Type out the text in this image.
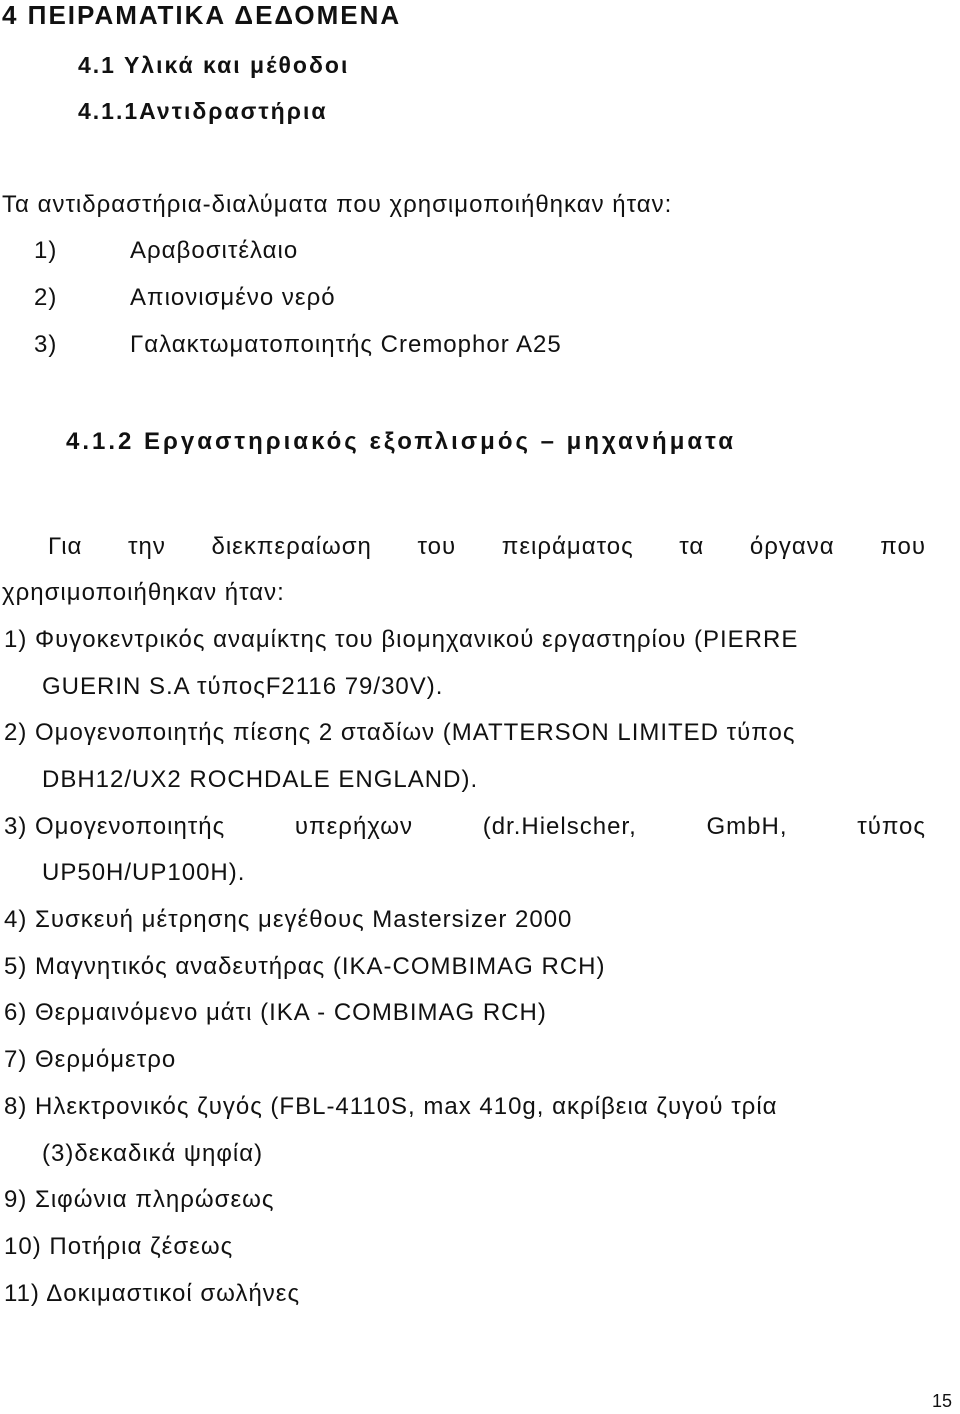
4 ΠΕΙΡΑΜΑΤΙΚΑ ΔΕΔΟΜΕΝΑ
4.1 Υλικά και μέθοδοι
4.1.1Αντιδραστήρια
Τα αντιδραστήρια-διαλύματα που χρησιμοποιήθηκαν ήταν:
1)	Αραβοσιτέλαιο
2)	Απιονισμένο νερό
3)	Γαλακτωματοποιητής Cremophor A25
4.1.2 Εργαστηριακός εξοπλισμός – μηχανήματα
Για την διεκπεραίωση του πειράματος τα όργανα που
χρησιμοποιήθηκαν ήταν:
1) Φυγοκεντρικός αναμίκτης του βιομηχανικού εργαστηρίου (PIERRE
GUERIN S.A τύποςF2116 79/30V).
2) Ομογενοποιητής πίεσης 2 σταδίων (MATTERSON LIMITED τύπος
DBH12/UX2 ROCHDALE ENGLAND).
3) Ομογενοποιητής	υπερήχων	(dr.Hielscher,	GmbH,	τύπος
UP50H/UP100H).
4) Συσκευή μέτρησης μεγέθους Mastersizer 2000
5) Μαγνητικός αναδευτήρας (IKA-COMBIMAG RCH)
6) Θερμαινόμενο μάτι (IKA - COMBIMAG RCH)
7) Θερμόμετρο
8) Ηλεκτρονικός ζυγός (FBL-4110S, max 410g, ακρίβεια ζυγού τρία
(3)δεκαδικά ψηφία)
9) Σιφώνια πληρώσεως
10) Ποτήρια ζέσεως
11) Δοκιμαστικοί σωλήνες
15
